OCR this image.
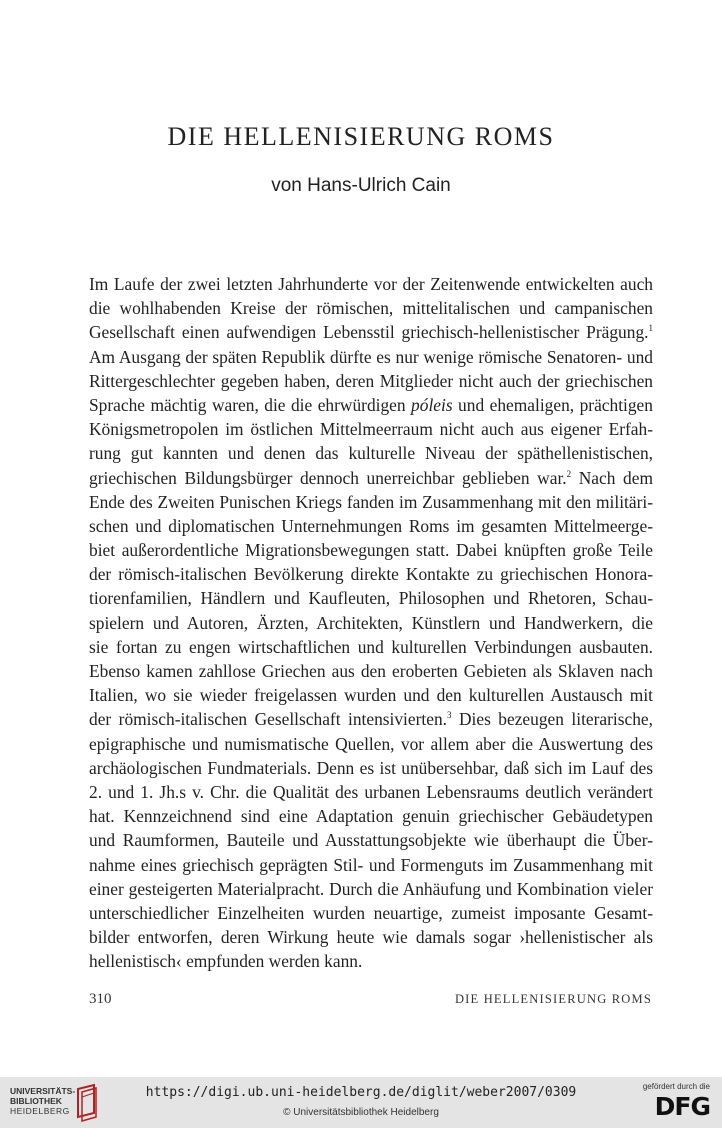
DIE HELLENISIERUNG ROMS
von Hans-Ulrich Cain
Im Laufe der zwei letzten Jahrhunderte vor der Zeitenwende entwickelten auch
die wohlhabenden Kreise der römischen, mittelitalischen und campanischen
Gesellschaft einen aufwendigen Lebensstil griechisch-hellenistischer Prägung.$^1$
Am Ausgang der späten Republik dürfte es nur wenige römische Senatoren- und
Rittergeschlechter gegeben haben, deren Mitglieder nicht auch der griechischen
Sprache mächtig waren, die die ehrwürdigen póleis und ehemaligen, prächtigen
Königsmetropolen im östlichen Mittelmeerraum nicht auch aus eigener Erfah-
rung gut kannten und denen das kulturelle Niveau der späthellenistischen,
griechischen Bildungsbürger dennoch unerreichbar geblieben war.$^2$ Nach dem
Ende des Zweiten Punischen Kriegs fanden im Zusammenhang mit den militäri-
schen und diplomatischen Unternehmungen Roms im gesamten Mittelmeerge-
biet außerordentliche Migrationsbewegungen statt. Dabei knüpften große Teile
der römisch-italischen Bevölkerung direkte Kontakte zu griechischen Honora-
tiorenfamilien, Händlern und Kaufleuten, Philosophen und Rhetoren, Schau-
spielern und Autoren, Ärzten, Architekten, Künstlern und Handwerkern, die
sie fortan zu engen wirtschaftlichen und kulturellen Verbindungen ausbauten.
Ebenso kamen zahllose Griechen aus den eroberten Gebieten als Sklaven nach
Italien, wo sie wieder freigelassen wurden und den kulturellen Austausch mit
der römisch-italischen Gesellschaft intensivierten.$^3$ Dies bezeugen literarische,
epigraphische und numismatische Quellen, vor allem aber die Auswertung des
archäologischen Fundmaterials. Denn es ist unübersehbar, daß sich im Lauf des
2. und 1. Jh.s v. Chr. die Qualität des urbanen Lebensraums deutlich verändert
hat. Kennzeichnend sind eine Adaptation genuin griechischer Gebäudetypen
und Raumformen, Bauteile und Ausstattungsobjekte wie überhaupt die Über-
nahme eines griechisch geprägten Stil- und Formenguts im Zusammenhang mit
einer gesteigerten Materialpracht. Durch die Anhäufung und Kombination vieler
unterschiedlicher Einzelheiten wurden neuartige, zumeist imposante Gesamt-
bilder entworfen, deren Wirkung heute wie damals sogar ›hellenistischer als
hellenistisch‹ empfunden werden kann.
310	DIE HELLENISIERUNG ROMS
UNIVERSITÄTS-
BIBLIOTHEK
HEIDELBERG
https://digi.ub.uni-heidelberg.de/diglit/weber2007/0309
© Universitätsbibliothek Heidelberg
gefördert durch die
DFG
